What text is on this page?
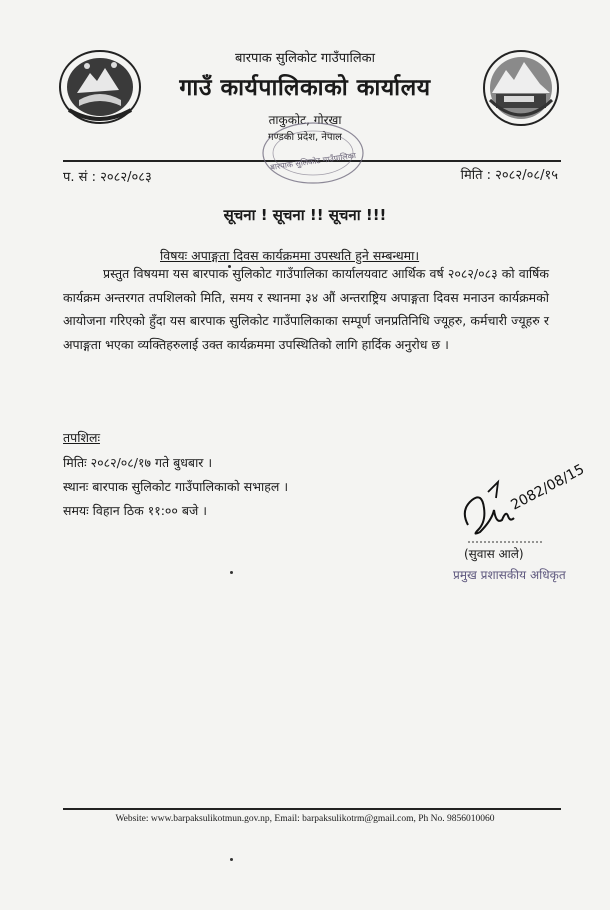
बारपाक सुलिकोट गाउँपालिका
गाउँ कार्यपालिकाको कार्यालय
ताकुकोट, गोरखा
गण्डकी प्रदेश, नेपाल
बारपाक सुलिकोट गाउँपालिका
प. सं : २०८२/०८३	मिति : २०८२/०८/१५
सूचना ! सूचना !! सूचना !!!
विषयः अपाङ्गता दिवस कार्यक्रममा उपस्थति हुने सम्बन्धमा।
प्रस्तुत विषयमा यस बारपाक सुलिकोट गाउँपालिका कार्यालयवाट आर्थिक वर्ष २०८२/०८३ को वार्षिक कार्यक्रम अन्तरगत तपशिलको मिति, समय र स्थानमा ३४ औं अन्तराष्ट्रिय अपाङ्गता दिवस मनाउन कार्यक्रमको आयोजना गरिएको हुँदा यस बारपाक सुलिकोट गाउँपालिकाका सम्पूर्ण जनप्रतिनिधि ज्यूहरु, कर्मचारी ज्यूहरु र अपाङ्गता भएका व्यक्तिहरुलाई उक्त कार्यक्रममा उपस्थितिको लागि हार्दिक अनुरोध छ ।
तपशिलः
मितिः २०८२/०८/१७ गते बुधबार ।
स्थानः बारपाक सुलिकोट गाउँपालिकाको सभाहल ।
समयः विहान ठिक ११:०० बजे ।	2082/08/15
(सुवास आले)
प्रमुख प्रशासकीय अधिकृत
Website: www.barpaksulikotmun.gov.np, Email: barpaksulikotrm@gmail.com, Ph No. 9856010060
